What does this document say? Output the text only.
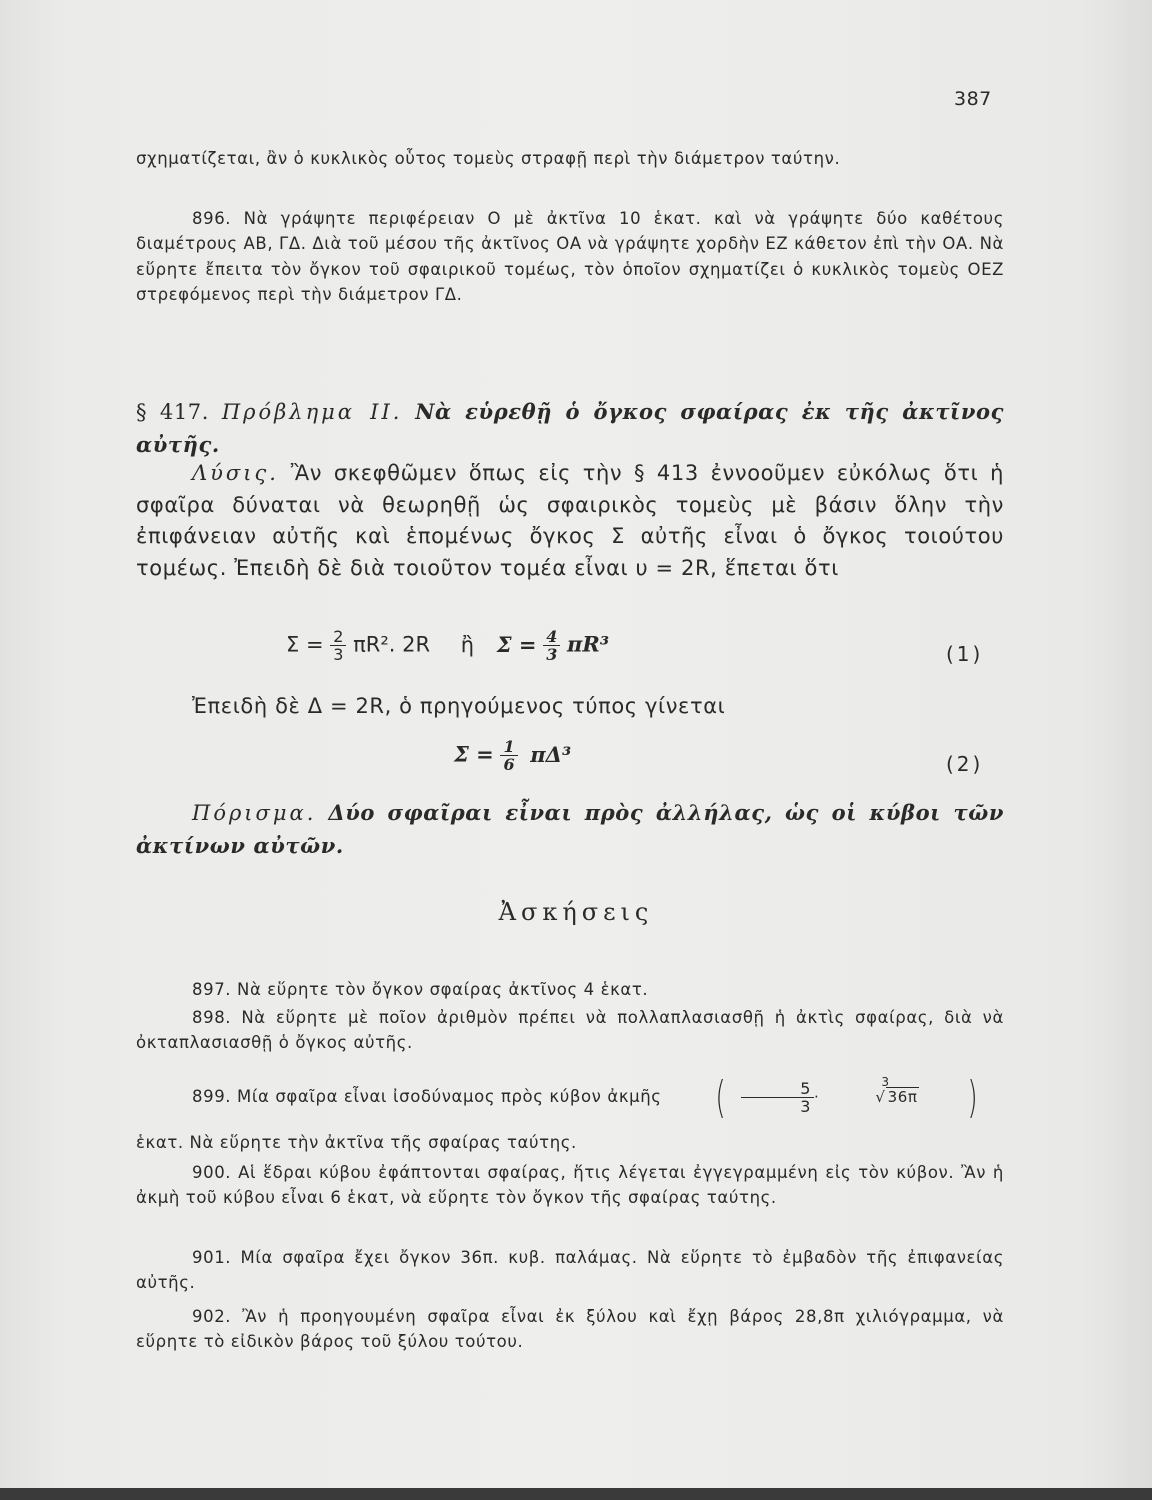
387
σχηματίζεται, ἂν ὁ κυκλικὸς οὗτος τομεὺς στραφῇ περὶ τὴν διάμετρον ταύτην.
896. Νὰ γράψητε περιφέρειαν Ο μὲ ἀκτῖνα 10 ἑκατ. καὶ νὰ γράψητε δύο καθέτους διαμέτρους ΑΒ, ΓΔ. Διὰ τοῦ μέσου τῆς ἀκτῖνος ΟΑ νὰ γράψητε χορδὴν ΕΖ κάθετον ἐπὶ τὴν ΟΑ. Νὰ εὕρητε ἔπειτα τὸν ὄγκον τοῦ σφαιρικοῦ τομέως, τὸν ὁποῖον σχηματίζει ὁ κυκλικὸς τομεὺς ΟΕΖ στρεφόμενος περὶ τὴν διάμετρον ΓΔ.
§ 417. Πρόβλημα ΙΙ. Νὰ εὑρεθῇ ὁ ὄγκος σφαίρας ἐκ τῆς ἀκτῖνος αὐτῆς.
Λύσις. Ἂν σκεφθῶμεν ὅπως εἰς τὴν § 413 ἐννοοῦμεν εὐκόλως ὅτι ἡ σφαῖρα δύναται νὰ θεωρηθῇ ὡς σφαιρικὸς τομεὺς μὲ βάσιν ὅλην τὴν ἐπιφάνειαν αὐτῆς καὶ ἑπομένως ὄγκος Σ αὐτῆς εἶναι ὁ ὄγκος τοιούτου τομέως. Ἐπειδὴ δὲ διὰ τοιοῦτον τομέα εἶναι υ = 2R, ἕπεται ὅτι
$\Sigma = \frac{2}{3} \pi R^2$. 2R ἢ $\Sigma = \frac{4}{3} \pi R^3$	(1)
Ἐπειδὴ δὲ Δ = 2R, ὁ πρηγούμενος τύπος γίνεται
$\Sigma = \frac{1}{6} \pi\Delta^3$	(2)
Πόρισμα. Δύο σφαῖραι εἶναι πρὸς ἀλλήλας, ὡς οἱ κύβοι τῶν ἀκτίνων αὐτῶν.
Ἀσκήσεις
897. Νὰ εὕρητε τὸν ὄγκον σφαίρας ἀκτῖνος 4 ἑκατ.
898. Νὰ εὕρητε μὲ ποῖον ἀριθμὸν πρέπει νὰ πολλαπλασιασθῇ ἡ ἀκτὶς σφαίρας, διὰ νὰ ὀκταπλασιασθῇ ὁ ὄγκος αὐτῆς.
899. Μία σφαῖρα εἶναι ἰσοδύναμος πρὸς κύβον ἀκμῆς ( $\frac{5}{3}$ ·
3
√ 36π )
ἑκατ. Νὰ εὕρητε τὴν ἀκτῖνα τῆς σφαίρας ταύτης.
900. Αἱ ἕδραι κύβου ἐφάπτονται σφαίρας, ἥτις λέγεται ἐγγεγραμμένη εἰς τὸν κύβον. Ἂν ἡ ἀκμὴ τοῦ κύβου εἶναι 6 ἑκατ, νὰ εὕρητε τὸν ὄγκον τῆς σφαίρας ταύτης.
901. Μία σφαῖρα ἔχει ὄγκον 36π. κυβ. παλάμας. Νὰ εὕρητε τὸ ἐμβαδὸν τῆς ἐπιφανείας αὐτῆς.
902. Ἂν ἡ προηγουμένη σφαῖρα εἶναι ἐκ ξύλου καὶ ἔχῃ βάρος 28,8π χιλιόγραμμα, νὰ εὕρητε τὸ εἰδικὸν βάρος τοῦ ξύλου τούτου.
